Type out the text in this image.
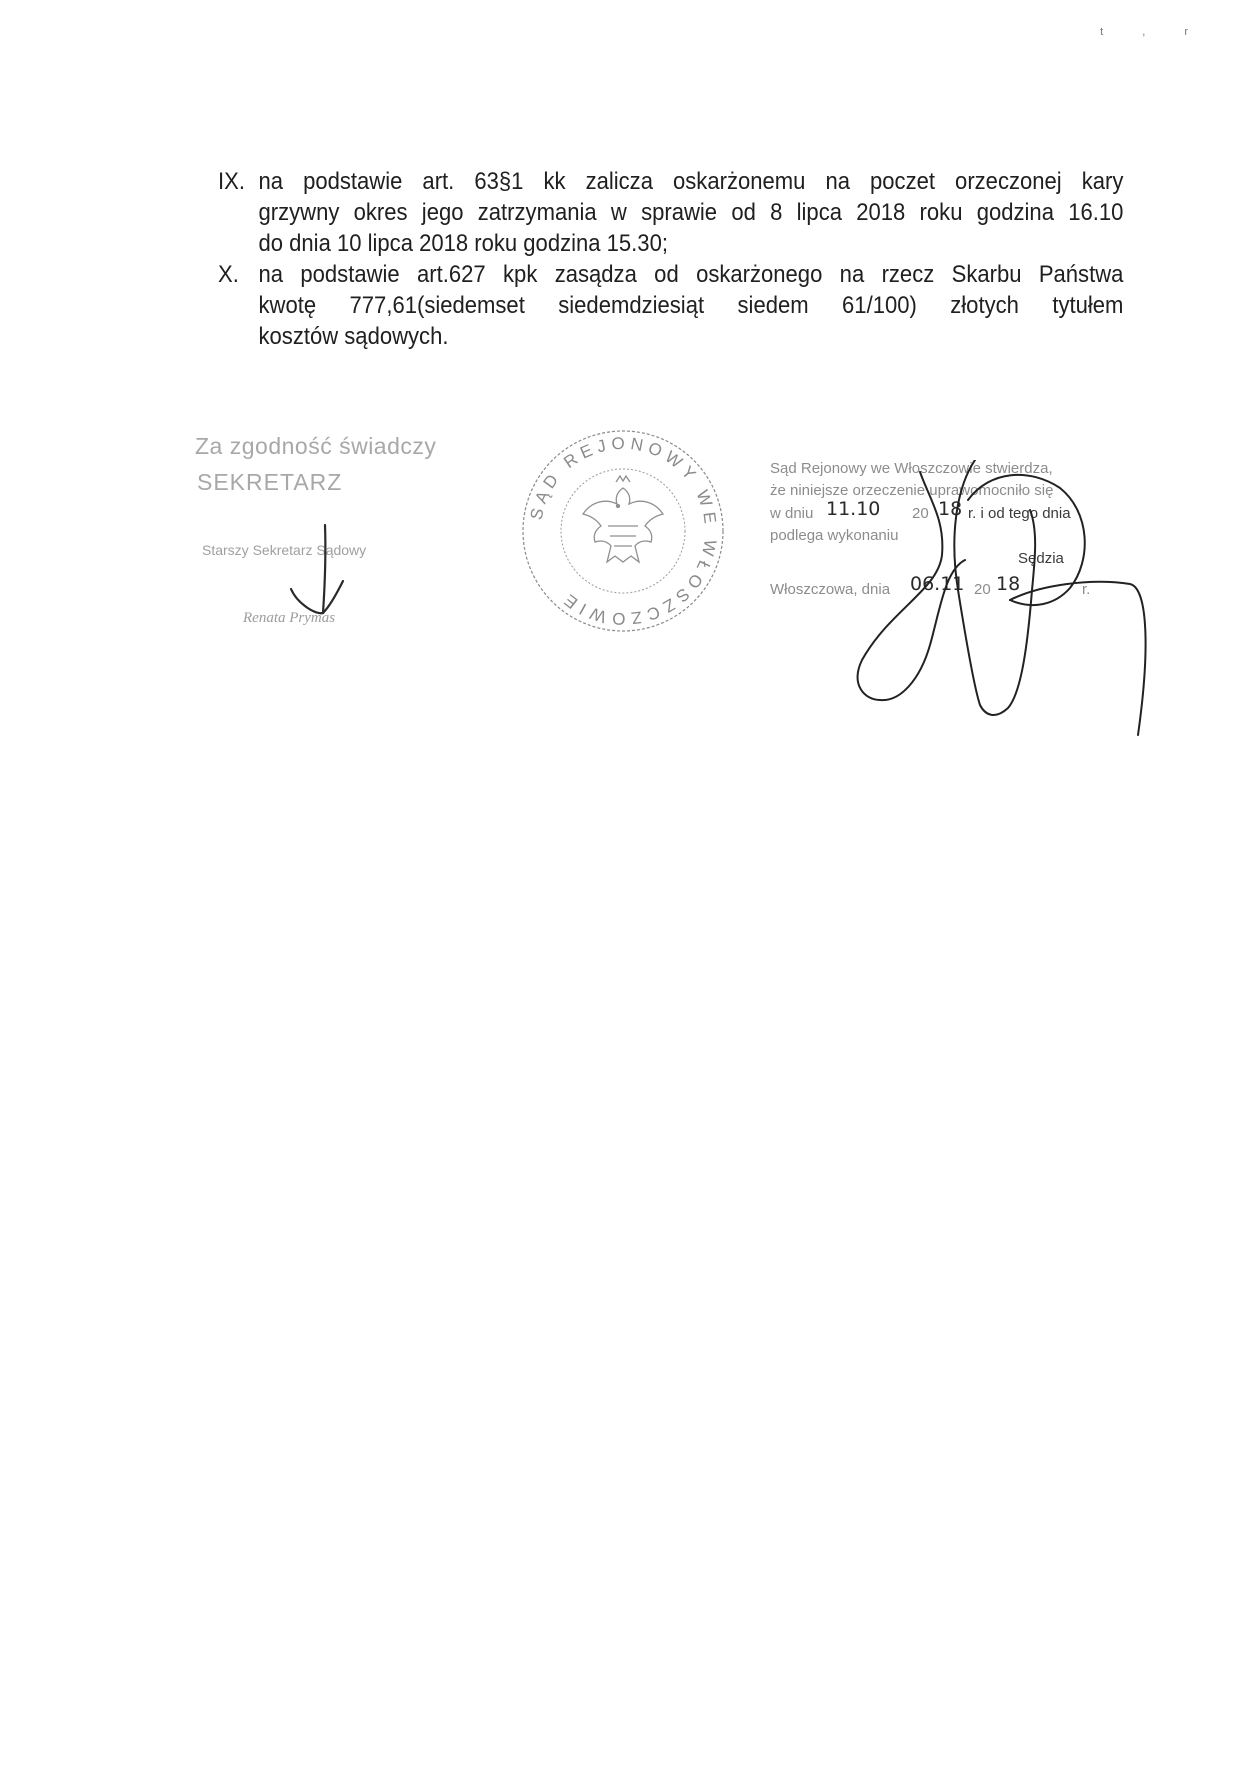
t , r
IX. na podstawie art. 63§1 kk zalicza oskarżonemu na poczet orzeczonej kary
grzywny okres jego zatrzymania w sprawie od 8 lipca 2018 roku godzina 16.10
do dnia 10 lipca 2018 roku godzina 15.30;
X. na podstawie art.627 kpk zasądza od oskarżonego na rzecz Skarbu Państwa
kwotę 777,61(siedemset siedemdziesiąt siedem 61/100) złotych tytułem
kosztów sądowych.
Za zgodność świadczy
SEKRETARZ
Starszy Sekretarz Sądowy
Renata Prymas
SĄD REJONOWY WE WŁOSZCZOWIE
Sąd Rejonowy we Włoszczowie stwierdza,
że niniejsze orzeczenie uprawomocniło się
w dniu 11.10 20 18 r. i od tego dnia
podlega wykonaniu
Sędzia
Włoszczowa, dnia 06.11 20 18	r.
